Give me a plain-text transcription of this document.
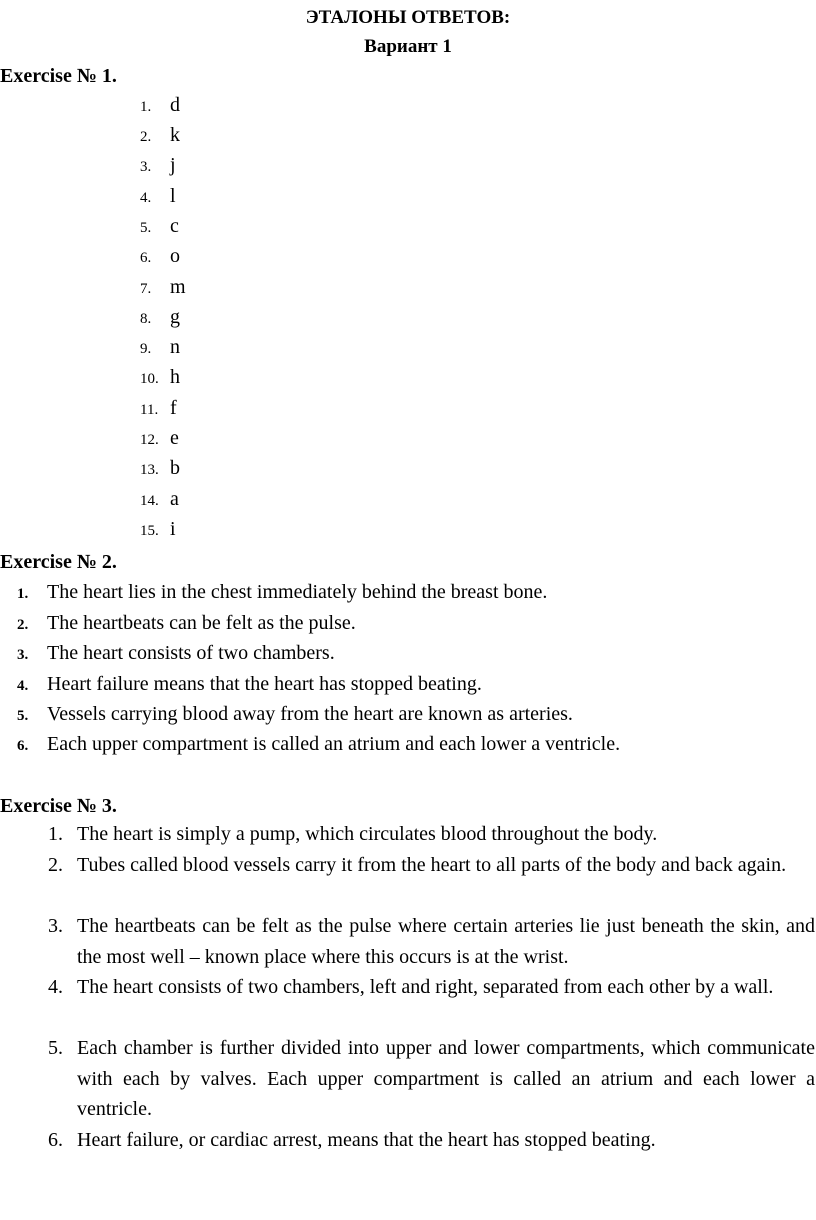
ЭТАЛОНЫ ОТВЕТОВ:
Вариант 1
Exercise № 1.
1. d
2. k
3. j
4. l
5. c
6. o
7. m
8. g
9. n
10. h
11. f
12. e
13. b
14. a
15. i
Exercise № 2.
1. The heart lies in the chest immediately behind the breast bone.
2. The heartbeats can be felt as the pulse.
3. The heart consists of two chambers.
4. Heart failure means that the heart has stopped beating.
5. Vessels carrying blood away from the heart are known as arteries.
6. Each upper compartment is called an atrium and each lower a ventricle.
Exercise № 3.
1. The heart is simply a pump, which circulates blood throughout the body.
2. Tubes called blood vessels carry it from the heart to all parts of the body and back again.
3. The heartbeats can be felt as the pulse where certain arteries lie just beneath the skin, and the most well – known place where this occurs is at the wrist.
4. The heart consists of two chambers, left and right, separated from each other by a wall.
5. Each chamber is further divided into upper and lower compartments, which communicate with each by valves. Each upper compartment is called an atrium and each lower a ventricle.
6. Heart failure, or cardiac arrest, means that the heart has stopped beating.
